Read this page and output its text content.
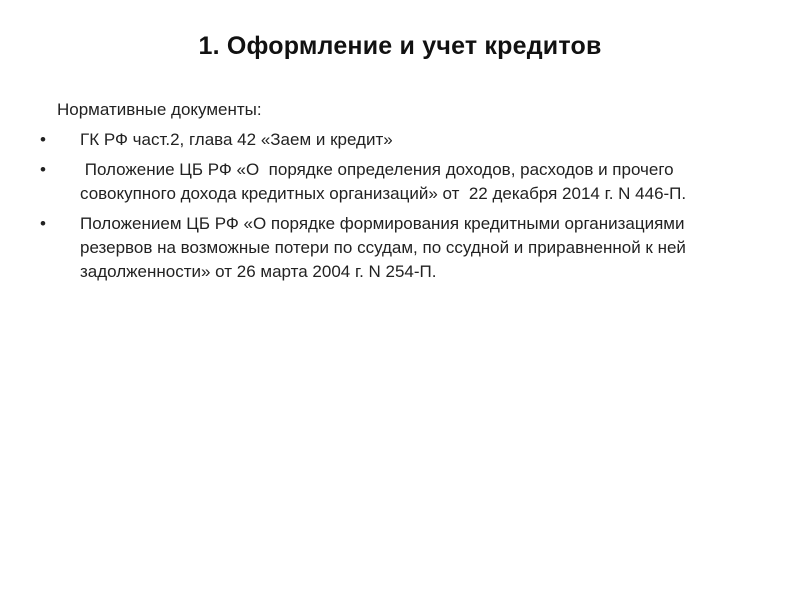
1. Оформление и учет кредитов

Нормативные документы:

• ГК РФ част.2, глава 42 «Заем и кредит»
• Положение ЦБ РФ «О  порядке определения доходов, расходов и прочего совокупного дохода кредитных организаций» от  22 декабря 2014 г. N 446-П.
• Положением ЦБ РФ «О порядке формирования кредитными организациями резервов на возможные потери по ссудам, по ссудной и приравненной к ней задолженности» от 26 марта 2004 г. N 254-П.
